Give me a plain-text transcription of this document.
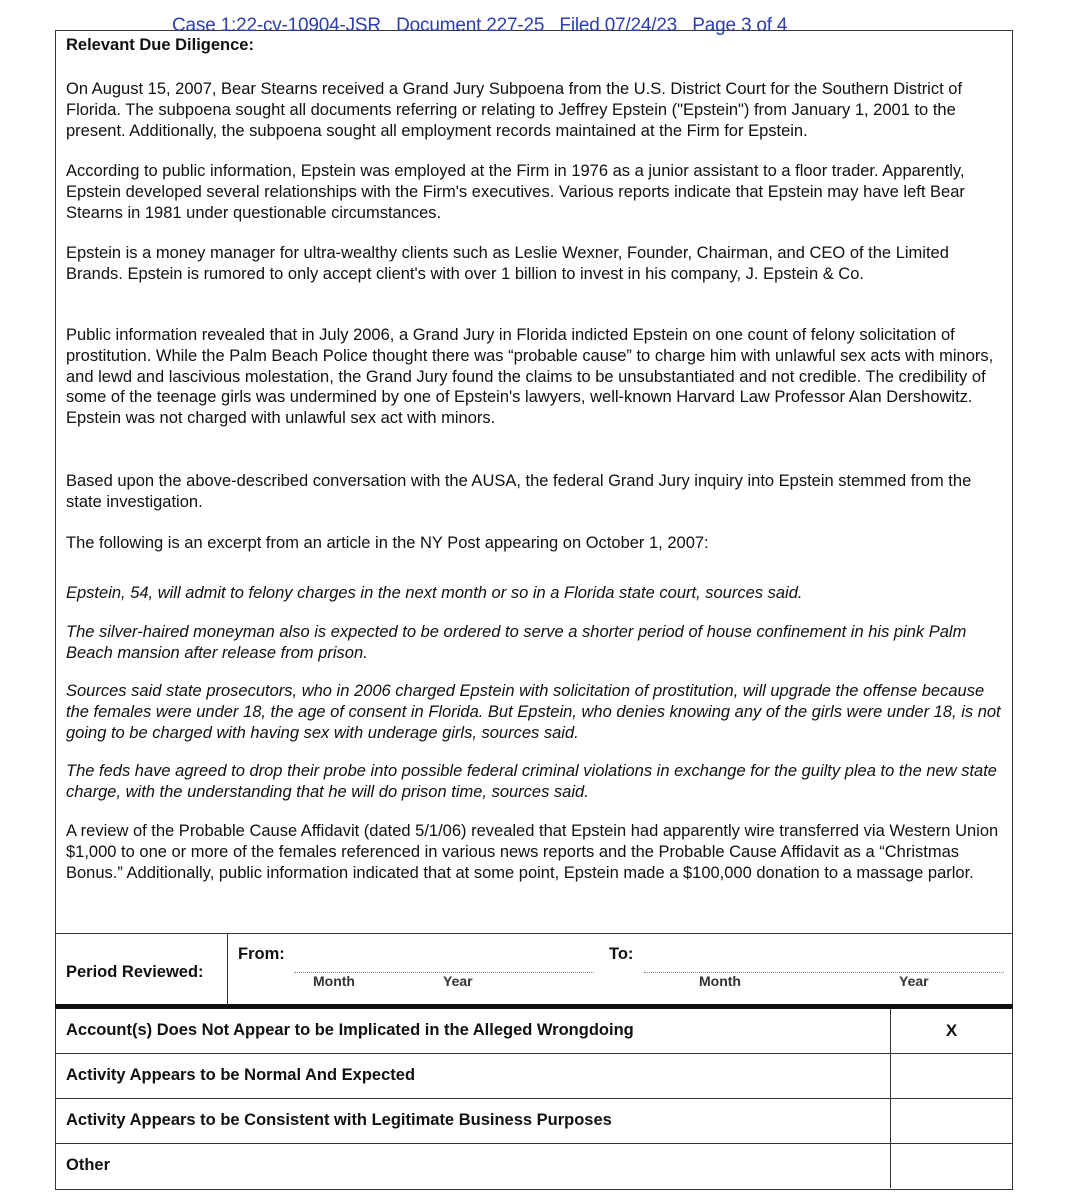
Case 1:22-cv-10904-JSR   Document 227-25   Filed 07/24/23   Page 3 of 4
Relevant Due Diligence:

On August 15, 2007, Bear Stearns received a Grand Jury Subpoena from the U.S. District Court for the Southern District of Florida. The subpoena sought all documents referring or relating to Jeffrey Epstein ("Epstein") from January 1, 2001 to the present. Additionally, the subpoena sought all employment records maintained at the Firm for Epstein.

According to public information, Epstein was employed at the Firm in 1976 as a junior assistant to a floor trader. Apparently, Epstein developed several relationships with the Firm's executives. Various reports indicate that Epstein may have left Bear Stearns in 1981 under questionable circumstances.

Epstein is a money manager for ultra-wealthy clients such as Leslie Wexner, Founder, Chairman, and CEO of the Limited Brands. Epstein is rumored to only accept client's with over 1 billion to invest in his company, J. Epstein & Co.

Public information revealed that in July 2006, a Grand Jury in Florida indicted Epstein on one count of felony solicitation of prostitution. While the Palm Beach Police thought there was “probable cause” to charge him with unlawful sex acts with minors, and lewd and lascivious molestation, the Grand Jury found the claims to be unsubstantiated and not credible. The credibility of some of the teenage girls was undermined by one of Epstein's lawyers, well-known Harvard Law Professor Alan Dershowitz. Epstein was not charged with unlawful sex act with minors.

Based upon the above-described conversation with the AUSA, the federal Grand Jury inquiry into Epstein stemmed from the state investigation.

The following is an excerpt from an article in the NY Post appearing on October 1, 2007:

Epstein, 54, will admit to felony charges in the next month or so in a Florida state court, sources said.

The silver-haired moneyman also is expected to be ordered to serve a shorter period of house confinement in his pink Palm Beach mansion after release from prison.

Sources said state prosecutors, who in 2006 charged Epstein with solicitation of prostitution, will upgrade the offense because the females were under 18, the age of consent in Florida. But Epstein, who denies knowing any of the girls were under 18, is not going to be charged with having sex with underage girls, sources said.

The feds have agreed to drop their probe into possible federal criminal violations in exchange for the guilty plea to the new state charge, with the understanding that he will do prison time, sources said.

A review of the Probable Cause Affidavit (dated 5/1/06) revealed that Epstein had apparently wire transferred via Western Union $1,000 to one or more of the females referenced in various news reports and the Probable Cause Affidavit as a “Christmas Bonus.” Additionally, public information indicated that at some point, Epstein made a $100,000 donation to a massage parlor.

Period Reviewed:
From:	To:
Month	Year	Month	Year
Account(s) Does Not Appear to be Implicated in the Alleged Wrongdoing	X
Activity Appears to be Normal And Expected
Activity Appears to be Consistent with Legitimate Business Purposes
Other
